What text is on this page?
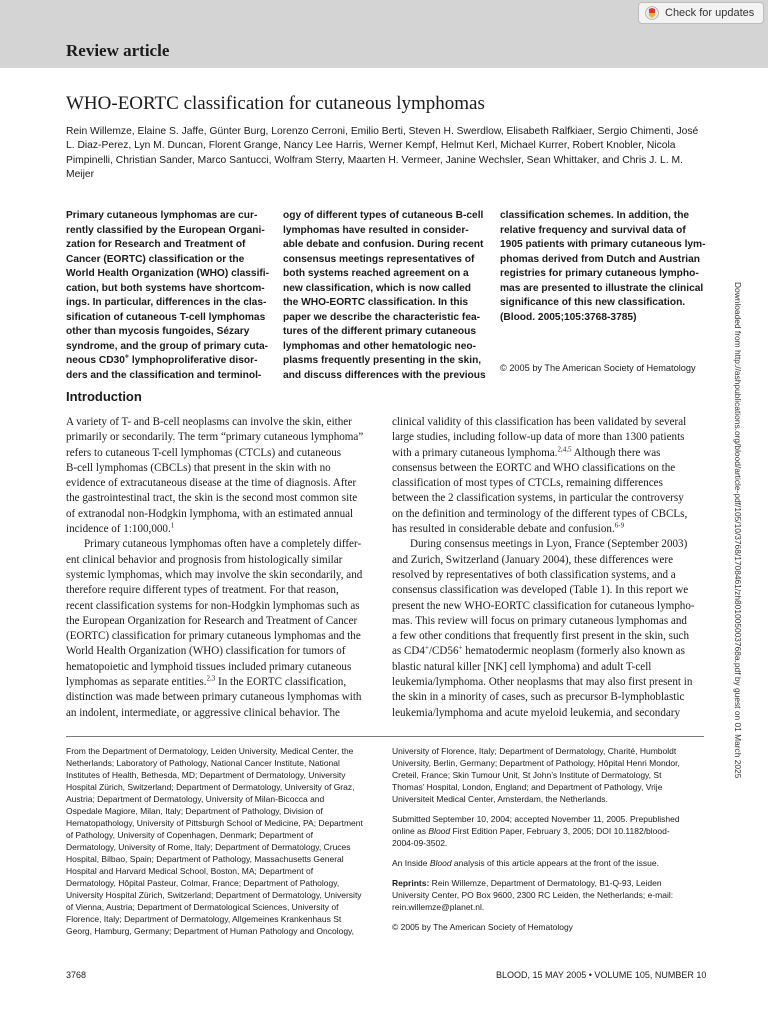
Check for updates
Review article
WHO-EORTC classification for cutaneous lymphomas
Rein Willemze, Elaine S. Jaffe, Günter Burg, Lorenzo Cerroni, Emilio Berti, Steven H. Swerdlow, Elisabeth Ralfkiaer, Sergio Chimenti, José L. Diaz-Perez, Lyn M. Duncan, Florent Grange, Nancy Lee Harris, Werner Kempf, Helmut Kerl, Michael Kurrer, Robert Knobler, Nicola Pimpinelli, Christian Sander, Marco Santucci, Wolfram Sterry, Maarten H. Vermeer, Janine Wechsler, Sean Whittaker, and Chris J. L. M. Meijer
Primary cutaneous lymphomas are cur-
rently classified by the European Organi-
zation for Research and Treatment of
Cancer (EORTC) classification or the
World Health Organization (WHO) classifi-
cation, but both systems have shortcom-
ings. In particular, differences in the clas-
sification of cutaneous T-cell lymphomas
other than mycosis fungoides, Sézary
syndrome, and the group of primary cuta-
neous CD30+ lymphoproliferative disor-
ders and the classification and terminol-
ogy of different types of cutaneous B-cell
lymphomas have resulted in consider-
able debate and confusion. During recent
consensus meetings representatives of
both systems reached agreement on a
new classification, which is now called
the WHO-EORTC classification. In this
paper we describe the characteristic fea-
tures of the different primary cutaneous
lymphomas and other hematologic neo-
plasms frequently presenting in the skin,
and discuss differences with the previous
classification schemes. In addition, the
relative frequency and survival data of
1905 patients with primary cutaneous lym-
phomas derived from Dutch and Austrian
registries for primary cutaneous lympho-
mas are presented to illustrate the clinical
significance of this new classification.
(Blood. 2005;105:3768-3785)
© 2005 by The American Society of Hematology
Introduction
A variety of T- and B-cell neoplasms can involve the skin, either
primarily or secondarily. The term “primary cutaneous lymphoma”
refers to cutaneous T-cell lymphomas (CTCLs) and cutaneous
B-cell lymphomas (CBCLs) that present in the skin with no
evidence of extracutaneous disease at the time of diagnosis. After
the gastrointestinal tract, the skin is the second most common site
of extranodal non-Hodgkin lymphoma, with an estimated annual
incidence of 1:100,000.$^1$
Primary cutaneous lymphomas often have a completely differ-
ent clinical behavior and prognosis from histologically similar
systemic lymphomas, which may involve the skin secondarily, and
therefore require different types of treatment. For that reason,
recent classification systems for non-Hodgkin lymphomas such as
the European Organization for Research and Treatment of Cancer
(EORTC) classification for primary cutaneous lymphomas and the
World Health Organization (WHO) classification for tumors of
hematopoietic and lymphoid tissues included primary cutaneous
lymphomas as separate entities.$^{2,3}$ In the EORTC classification,
distinction was made between primary cutaneous lymphomas with
an indolent, intermediate, or aggressive clinical behavior. The
clinical validity of this classification has been validated by several
large studies, including follow-up data of more than 1300 patients
with a primary cutaneous lymphoma.$^{2,4,5}$ Although there was
consensus between the EORTC and WHO classifications on the
classification of most types of CTCLs, remaining differences
between the 2 classification systems, in particular the controversy
on the definition and terminology of the different types of CBCLs,
has resulted in considerable debate and confusion.$^{6-9}$
During consensus meetings in Lyon, France (September 2003)
and Zurich, Switzerland (January 2004), these differences were
resolved by representatives of both classification systems, and a
consensus classification was developed (Table 1). In this report we
present the new WHO-EORTC classification for cutaneous lympho-
mas. This review will focus on primary cutaneous lymphomas and
a few other conditions that frequently first present in the skin, such
as CD4+/CD56+ hematodermic neoplasm (formerly also known as
blastic natural killer [NK] cell lymphoma) and adult T-cell
leukemia/lymphoma. Other neoplasms that may also first present in
the skin in a minority of cases, such as precursor B-lymphoblastic
leukemia/lymphoma and acute myeloid leukemia, and secondary
From the Department of Dermatology, Leiden University, Medical Center, the
Netherlands; Laboratory of Pathology, National Cancer Institute, National
Institutes of Health, Bethesda, MD; Department of Dermatology, University
Hospital Zürich, Switzerland; Department of Dermatology, University of Graz,
Austria; Department of Dermatology, University of Milan-Bicocca and
Ospedale Magiore, Milan, Italy; Department of Pathology, Division of
Hematopathology, University of Pittsburgh School of Medicine, PA; Department
of Pathology, University of Copenhagen, Denmark; Department of
Dermatology, University of Rome, Italy; Department of Dermatology, Cruces
Hospital, Bilbao, Spain; Department of Pathology, Massachusetts General
Hospital and Harvard Medical School, Boston, MA; Department of
Dermatology, Hôpital Pasteur, Colmar, France; Department of Pathology,
University Hospital Zürich, Switzerland; Department of Dermatology, University
of Vienna, Austria; Department of Dermatological Sciences, University of
Florence, Italy; Department of Dermatology, Allgemeines Krankenhaus St
Georg, Hamburg, Germany; Department of Human Pathology and Oncology,
University of Florence, Italy; Department of Dermatology, Charité, Humboldt
University, Berlin, Germany; Department of Pathology, Hôpital Henri Mondor,
Creteil, France; Skin Tumour Unit, St John’s Institute of Dermatology, St
Thomas’ Hospital, London, England; and Department of Pathology, Vrije
Universiteit Medical Center, Amsterdam, the Netherlands.
Submitted September 10, 2004; accepted November 11, 2005. Prepublished
online as Blood First Edition Paper, February 3, 2005; DOI 10.1182/blood-
2004-09-3502.
An Inside Blood analysis of this article appears at the front of the issue.
Reprints: Rein Willemze, Department of Dermatology, B1-Q-93, Leiden
University Center, PO Box 9600, 2300 RC Leiden, the Netherlands; e-mail:
rein.willemze@planet.nl.
© 2005 by The American Society of Hematology
3768	BLOOD, 15 MAY 2005 • VOLUME 105, NUMBER 10
Downloaded from http://ashpublications.org/blood/article-pdf/105/10/3768/1708461/zh801005003768a.pdf by guest on 01 March 2025
